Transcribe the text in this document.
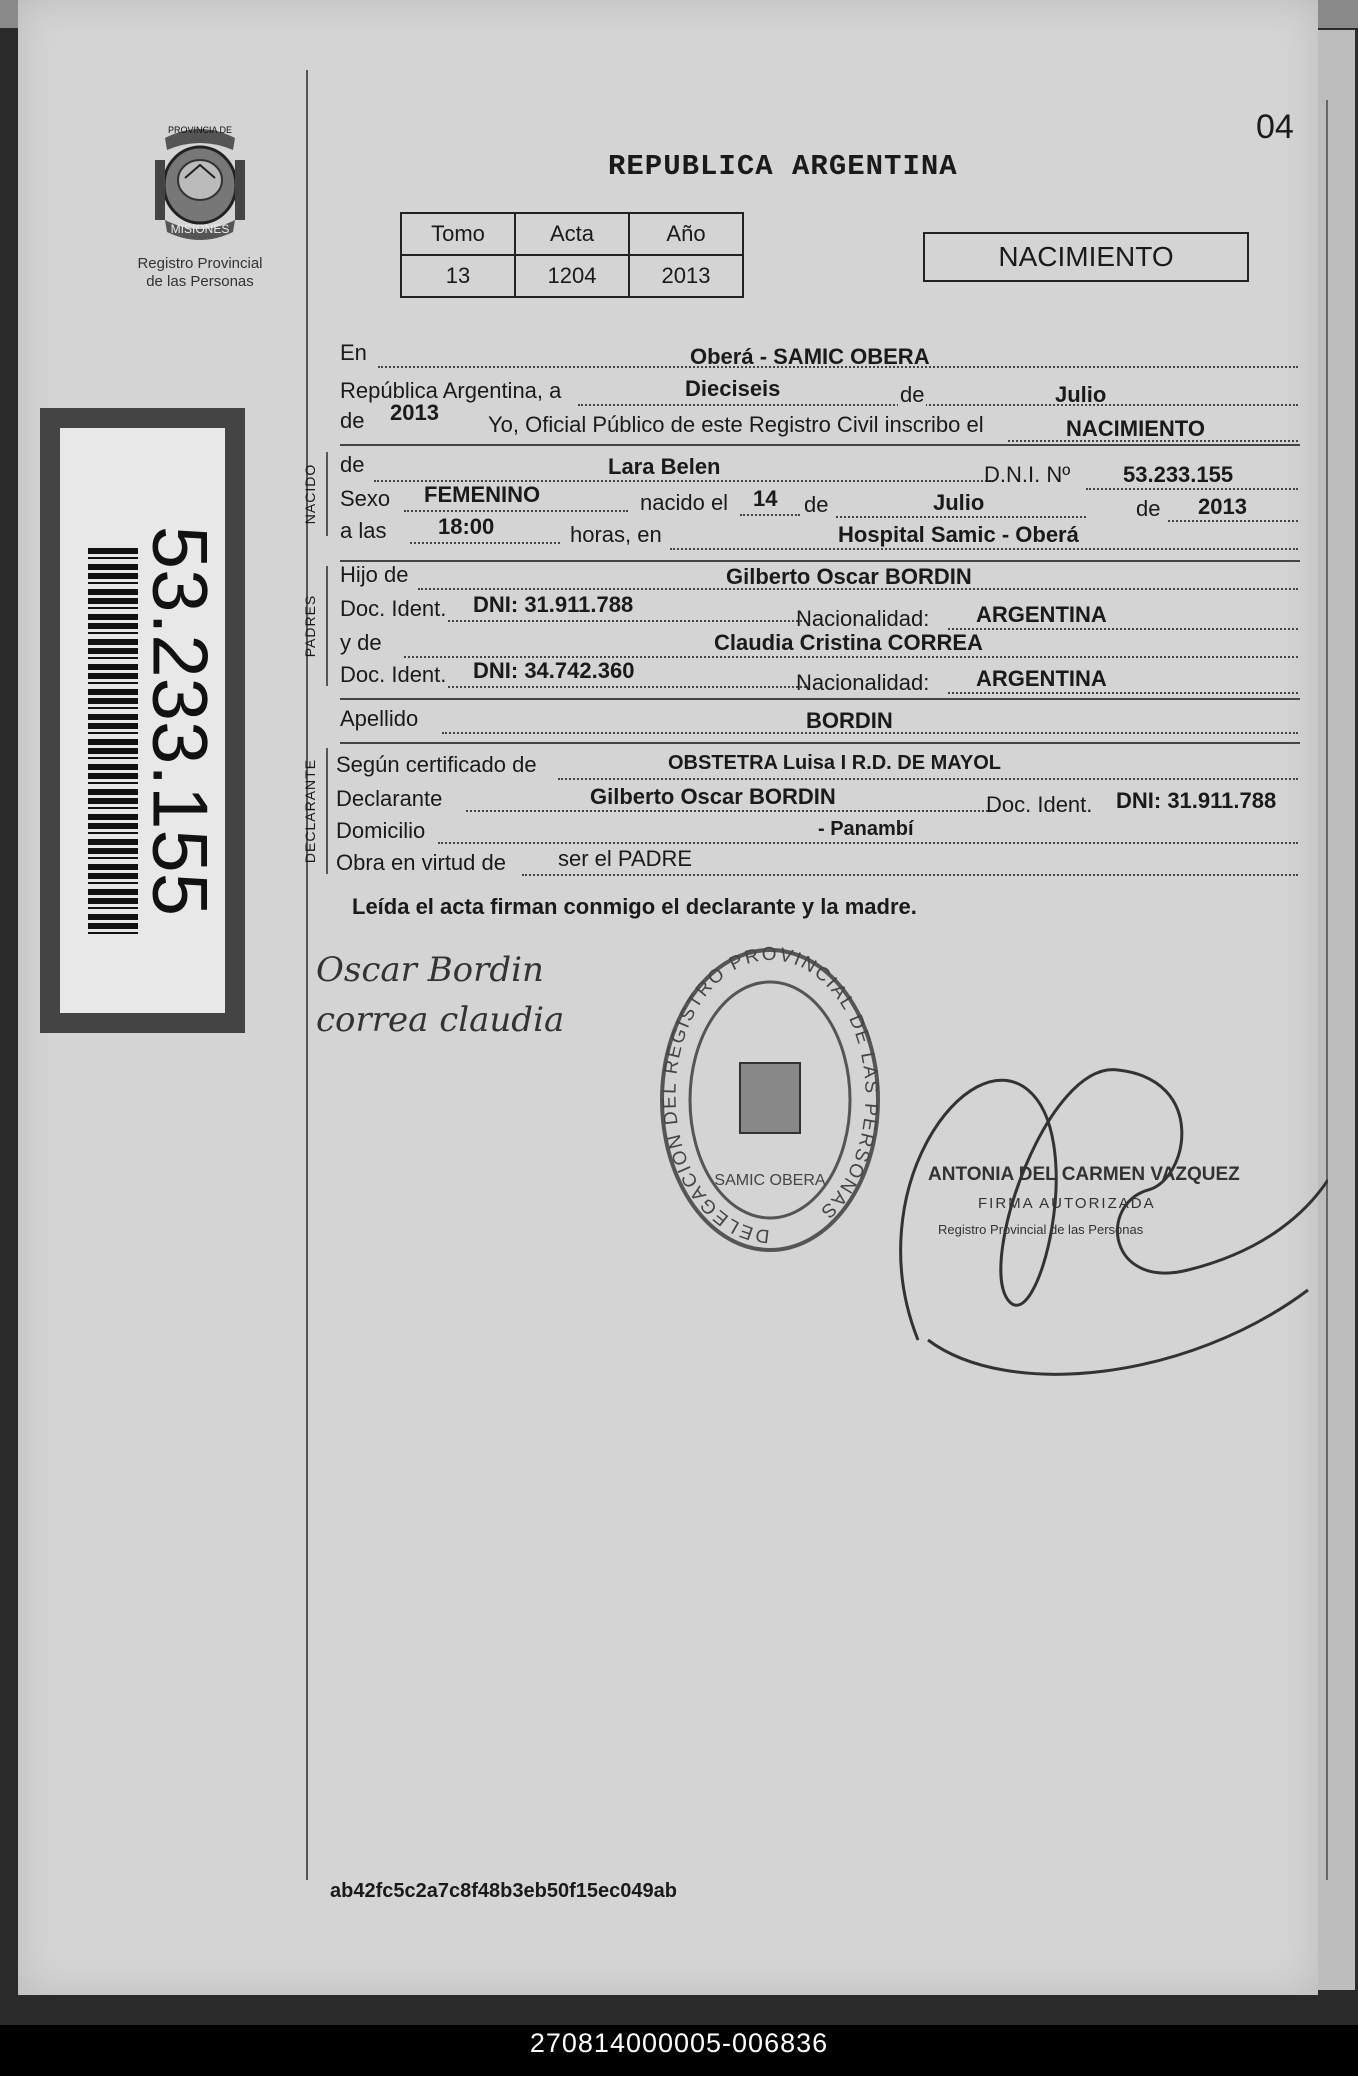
PROVINCIA DE
MISIONES
Registro Provincial
de las Personas
53.233.155
04
REPUBLICA ARGENTINA
Tomo	Acta	Año
13	1204	2013
NACIMIENTO
En	Oberá - SAMIC OBERA
República Argentina, a	Dieciseis	de	Julio
de 2013 Yo, Oficial Público de este Registro Civil inscribo el	NACIMIENTO
NACIDO de	Lara Belen	D.N.I. Nº 53.233.155
Sexo FEMENINO	nacido el 14 de	Julio	de 2013
a las 18:00	horas, en	Hospital Samic - Oberá
PADRES
Hijo de	Gilberto Oscar BORDIN
Doc. Ident. DNI: 31.911.788
Nacionalidad: ARGENTINA
y de	Claudia Cristina CORREA
Doc. Ident. DNI: 34.742.360	Nacionalidad: ARGENTINA
Apellido	BORDIN
DECLARANTE Según certificado de	OBSTETRA Luisa I R.D. DE MAYOL
Declarante	Gilberto Oscar BORDIN	Doc. Ident. DNI: 31.911.788
Domicilio	- Panambí
Obra en virtud de ser el PADRE
Leída el acta firman conmigo el declarante y la madre.
Oscar Bordin
correa claudia
DELEGACION DEL REGISTRO PROVINCIAL DE LAS PERSONAS
SAMIC OBERA	ANTONIA DEL CARMEN VAZQUEZ
FIRMA AUTORIZADA
Registro Provincial de las Personas
ab42fc5c2a7c8f48b3eb50f15ec049ab
270814000005-006836
